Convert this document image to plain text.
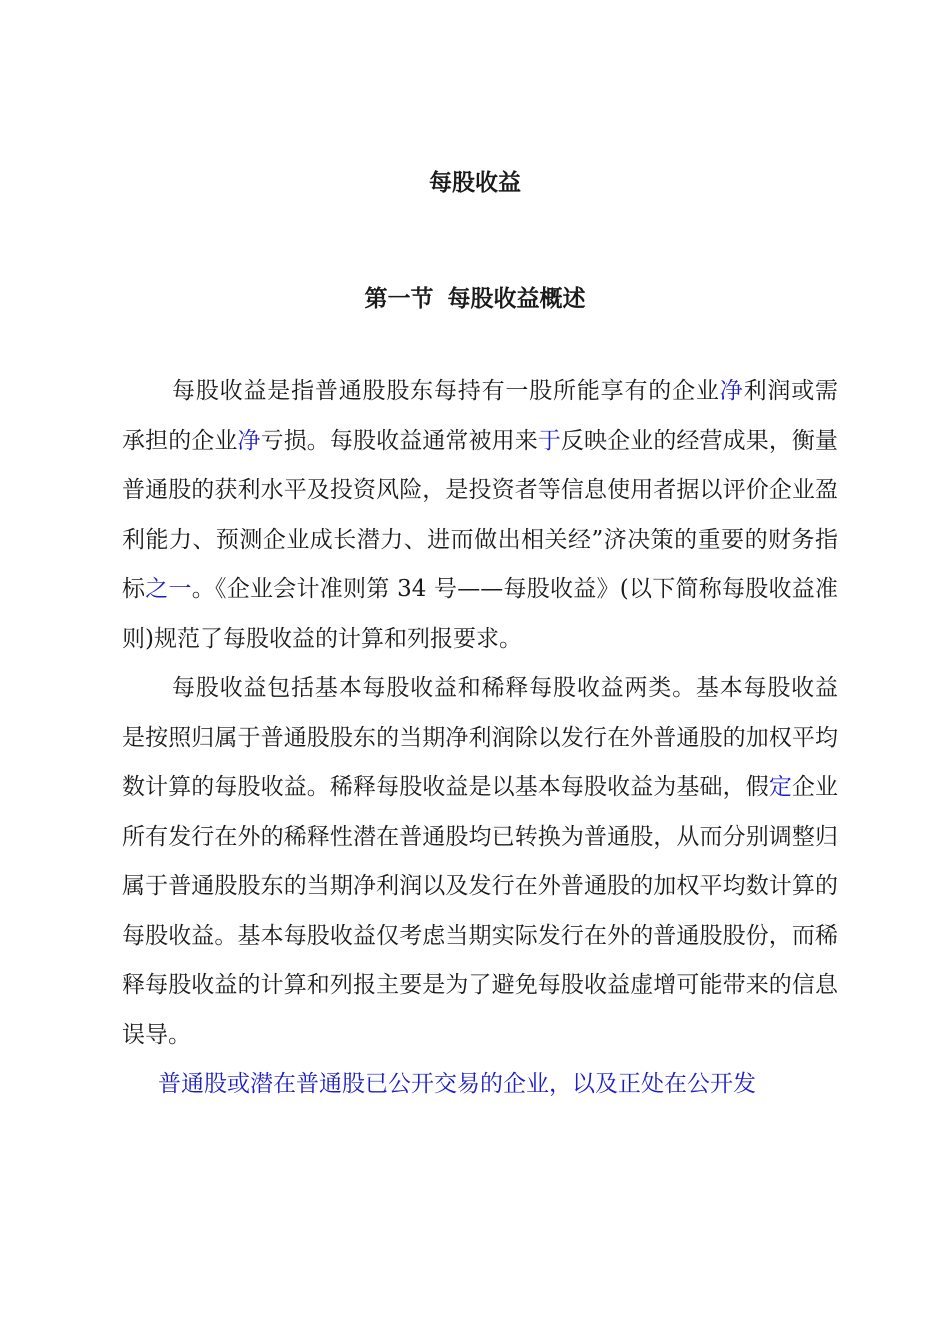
每股收益
第一节 每股收益概述

每股收益是指普通股股东每持有一股所能享有的企业净利润或需承担的企业净亏损。每股收益通常被用来于反映企业的经营成果，衡量普通股的获利水平及投资风险，是投资者等信息使用者据以评价企业盈利能力、预测企业成长潜力、进而做出相关经”济决策的重要的财务指标之一。《企业会计准则第 34 号——每股收益》(以下简称每股收益准则)规范了每股收益的计算和列报要求。

每股收益包括基本每股收益和稀释每股收益两类。基本每股收益是按照归属于普通股股东的当期净利润除以发行在外普通股的加权平均数计算的每股收益。稀释每股收益是以基本每股收益为基础，假定企业所有发行在外的稀释性潜在普通股均已转换为普通股，从而分别调整归属于普通股股东的当期净利润以及发行在外普通股的加权平均数计算的每股收益。基本每股收益仅考虑当期实际发行在外的普通股股份，而稀释每股收益的计算和列报主要是为了避免每股收益虚增可能带来的信息误导。

普通股或潜在普通股已公开交易的企业，以及正处在公开发
